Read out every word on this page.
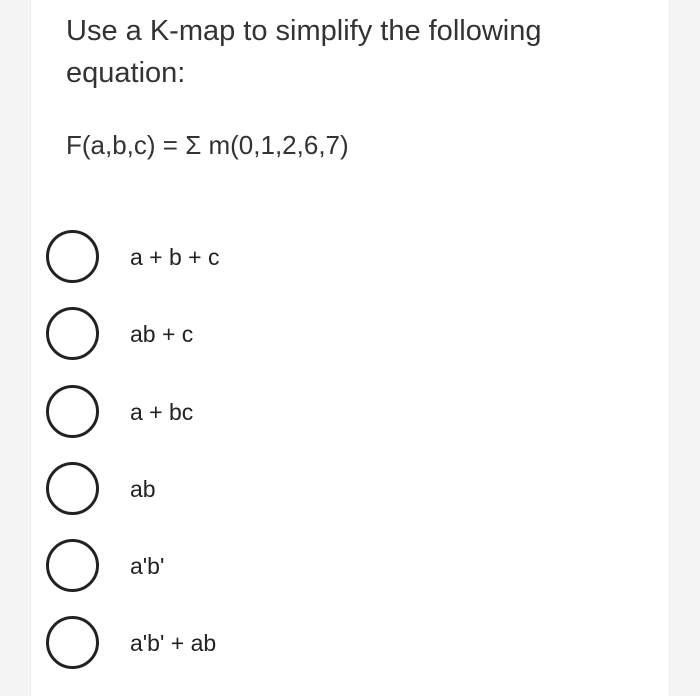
Use a K-map to simplify the following equation:
F(a,b,c) = Σ m(0,1,2,6,7)
a + b + c
ab + c
a + bc
ab
a'b'
a'b' + ab
